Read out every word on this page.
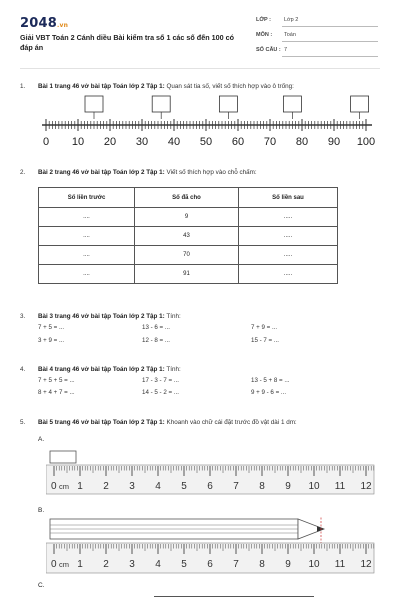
2048.vn
Giải VBT Toán 2 Cánh diều Bài kiểm tra số 1 các số đến 100 có đáp án
LỚP : Lớp 2
MÔN : Toán
SỐ CÂU : 7
1. Bài 1 trang 46 vở bài tập Toán lớp 2 Tập 1: Quan sát tia số, viết số thích hợp vào ô trống:
0 10 20 30 40 50 60 70 80 90 100
2. Bài 2 trang 46 vở bài tập Toán lớp 2 Tập 1: Viết số thích hợp vào chỗ chấm:
Số liền trước	Số đã cho	Số liền sau
....	9	.....
....	43	.....
....	70	.....
....	91	.....
3. Bài 3 trang 46 vở bài tập Toán lớp 2 Tập 1: Tính:
7 + 5 = ...	13 - 6 = ...	7 + 9 = ...
3 + 9 = ...	12 - 8 = ...	15 - 7 = ...
4. Bài 4 trang 46 vở bài tập Toán lớp 2 Tập 1: Tính:
7 + 5 + 5 = ...	17 - 3 - 7 = ...	13 - 5 + 8 = ...
8 + 4 + 7 = ...	14 - 5 - 2 = ...	9 + 9 - 6 = ...
5. Bài 5 trang 46 vở bài tập Toán lớp 2 Tập 1: Khoanh vào chữ cái đặt trước đồ vật dài 1 dm:
A.
0 1 2 3 4 5 6 7 8 9 10 11 12
cm
B.
0 1 2 3 4 5 6 7 8 9 10 11 12
cm
C.
